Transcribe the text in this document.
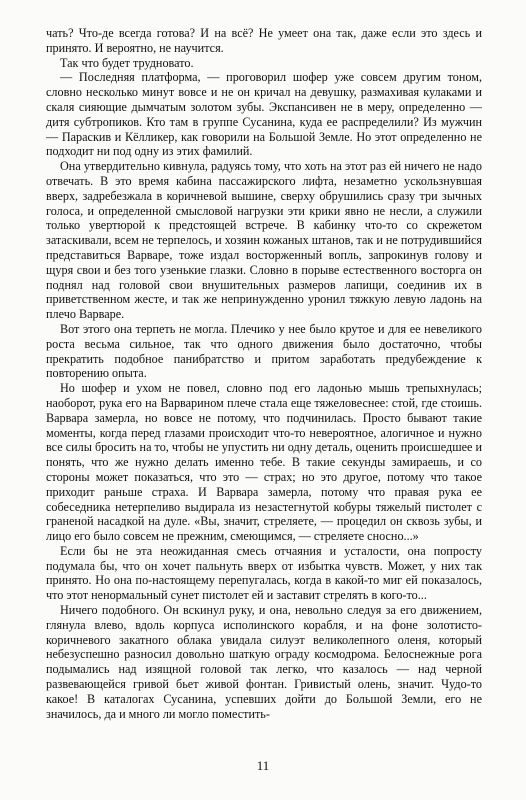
чать? Что-де всегда готова? И на всё? Не умеет она так, даже если это здесь и принято. И вероятно, не научится.

Так что будет трудновато.

— Последняя платформа, — проговорил шофер уже совсем другим тоном, словно несколько минут вовсе и не он кричал на девушку, размахивая кулаками и скаля сияющие дымчатым золотом зубы. Экспансивен не в меру, определенно — дитя субтропиков. Кто там в группе Сусанина, куда ее распределили? Из мужчин — Параскив и Кёлликер, как говорили на Большой Земле. Но этот определенно не подходит ни под одну из этих фамилий.

Она утвердительно кивнула, радуясь тому, что хоть на этот раз ей ничего не надо отвечать. В это время кабина пассажирского лифта, незаметно ускользнувшая вверх, задребезжала в коричневой вышине, сверху обрушились сразу три зычных голоса, и определенной смысловой нагрузки эти крики явно не несли, а служили только увертюрой к предстоящей встрече. В кабинку что-то со скрежетом затаскивали, всем не терпелось, и хозяин кожаных штанов, так и не потрудившийся представиться Варваре, тоже издал восторженный вопль, запрокинув голову и щуря свои и без того узенькие глазки. Словно в порыве естественного восторга он поднял над головой свои внушительных размеров лапищи, соединив их в приветственном жесте, и так же непринужденно уронил тяжкую левую ладонь на плечо Варваре.

Вот этого она терпеть не могла. Плечико у нее было крутое и для ее невеликого роста весьма сильное, так что одного движения было достаточно, чтобы прекратить подобное панибратство и притом заработать предубеждение к повторению опыта.

Но шофер и ухом не повел, словно под его ладонью мышь трепыхнулась; наоборот, рука его на Варварином плече стала еще тяжеловеснее: стой, где стоишь. Варвара замерла, но вовсе не потому, что подчинилась. Просто бывают такие моменты, когда перед глазами происходит что-то невероятное, алогичное и нужно все силы бросить на то, чтобы не упустить ни одну деталь, оценить происшедшее и понять, что же нужно делать именно тебе. В такие секунды замираешь, и со стороны может показаться, что это — страх; но это другое, потому что такое приходит раньше страха. И Варвара замерла, потому что правая рука ее собеседника нетерпеливо выдирала из незастегнутой кобуры тяжелый пистолет с граненой насадкой на дуле. «Вы, значит, стреляете, — процедил он сквозь зубы, и лицо его было совсем не прежним, смеющимся, — стреляете сносно...»

Если бы не эта неожиданная смесь отчаяния и усталости, она попросту подумала бы, что он хочет пальнуть вверх от избытка чувств. Может, у них так принято. Но она по-настоящему перепугалась, когда в какой-то миг ей показалось, что этот ненормальный сунет пистолет ей и заставит стрелять в кого-то...

Ничего подобного. Он вскинул руку, и она, невольно следуя за его движением, глянула влево, вдоль корпуса исполинского корабля, и на фоне золотисто-коричневого закатного облака увидала силуэт великолепного оленя, который небезуспешно разносил довольно шаткую ограду космодрома. Белоснежные рога подымались над изящной головой так легко, что казалось — над черной развевающейся гривой бьет живой фонтан. Гривистый олень, значит. Чудо-то какое! В каталогах Сусанина, успевших дойти до Большой Земли, его не значилось, да и много ли могло поместить-

11
